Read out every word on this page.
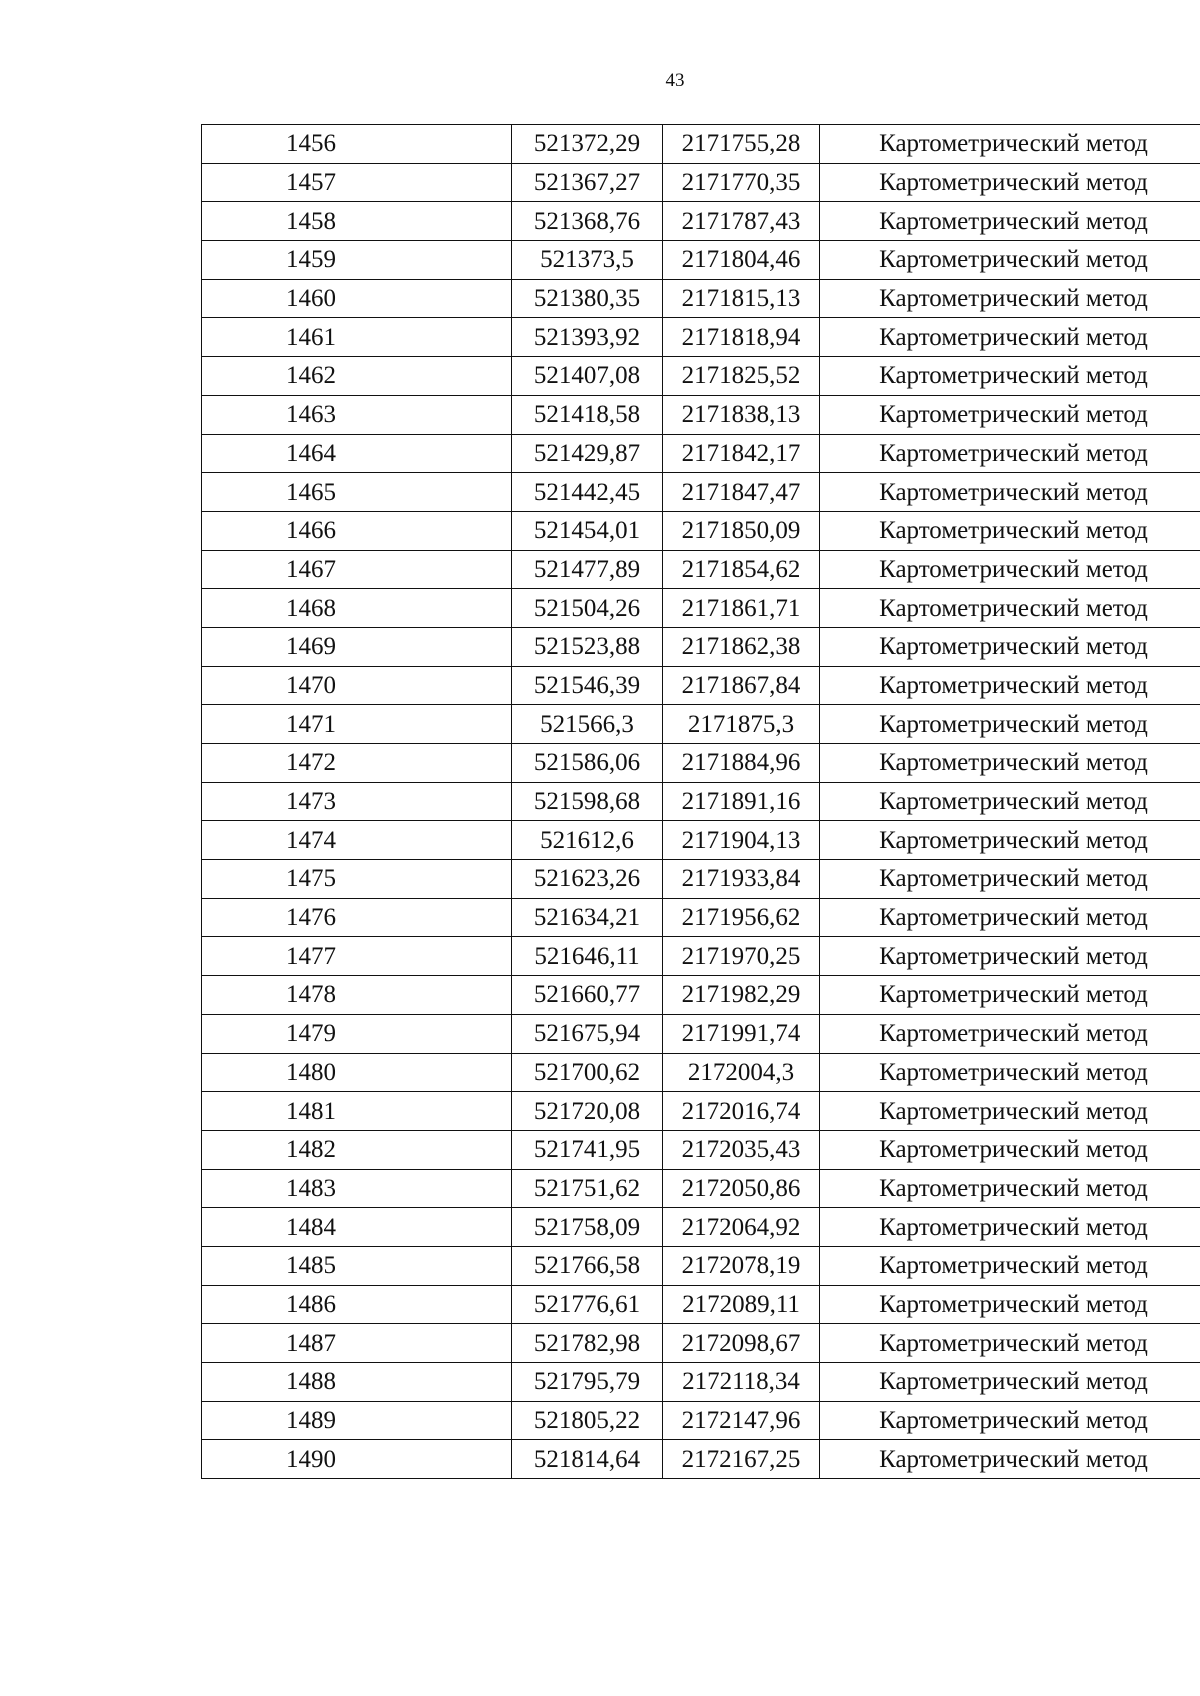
43
1456	521372,29	2171755,28	Картометрический метод
1457	521367,27	2171770,35	Картометрический метод
1458	521368,76	2171787,43	Картометрический метод
1459	521373,5	2171804,46	Картометрический метод
1460	521380,35	2171815,13	Картометрический метод
1461	521393,92	2171818,94	Картометрический метод
1462	521407,08	2171825,52	Картометрический метод
1463	521418,58	2171838,13	Картометрический метод
1464	521429,87	2171842,17	Картометрический метод
1465	521442,45	2171847,47	Картометрический метод
1466	521454,01	2171850,09	Картометрический метод
1467	521477,89	2171854,62	Картометрический метод
1468	521504,26	2171861,71	Картометрический метод
1469	521523,88	2171862,38	Картометрический метод
1470	521546,39	2171867,84	Картометрический метод
1471	521566,3	2171875,3	Картометрический метод
1472	521586,06	2171884,96	Картометрический метод
1473	521598,68	2171891,16	Картометрический метод
1474	521612,6	2171904,13	Картометрический метод
1475	521623,26	2171933,84	Картометрический метод
1476	521634,21	2171956,62	Картометрический метод
1477	521646,11	2171970,25	Картометрический метод
1478	521660,77	2171982,29	Картометрический метод
1479	521675,94	2171991,74	Картометрический метод
1480	521700,62	2172004,3	Картометрический метод
1481	521720,08	2172016,74	Картометрический метод
1482	521741,95	2172035,43	Картометрический метод
1483	521751,62	2172050,86	Картометрический метод
1484	521758,09	2172064,92	Картометрический метод
1485	521766,58	2172078,19	Картометрический метод
1486	521776,61	2172089,11	Картометрический метод
1487	521782,98	2172098,67	Картометрический метод
1488	521795,79	2172118,34	Картометрический метод
1489	521805,22	2172147,96	Картометрический метод
1490	521814,64	2172167,25	Картометрический метод
